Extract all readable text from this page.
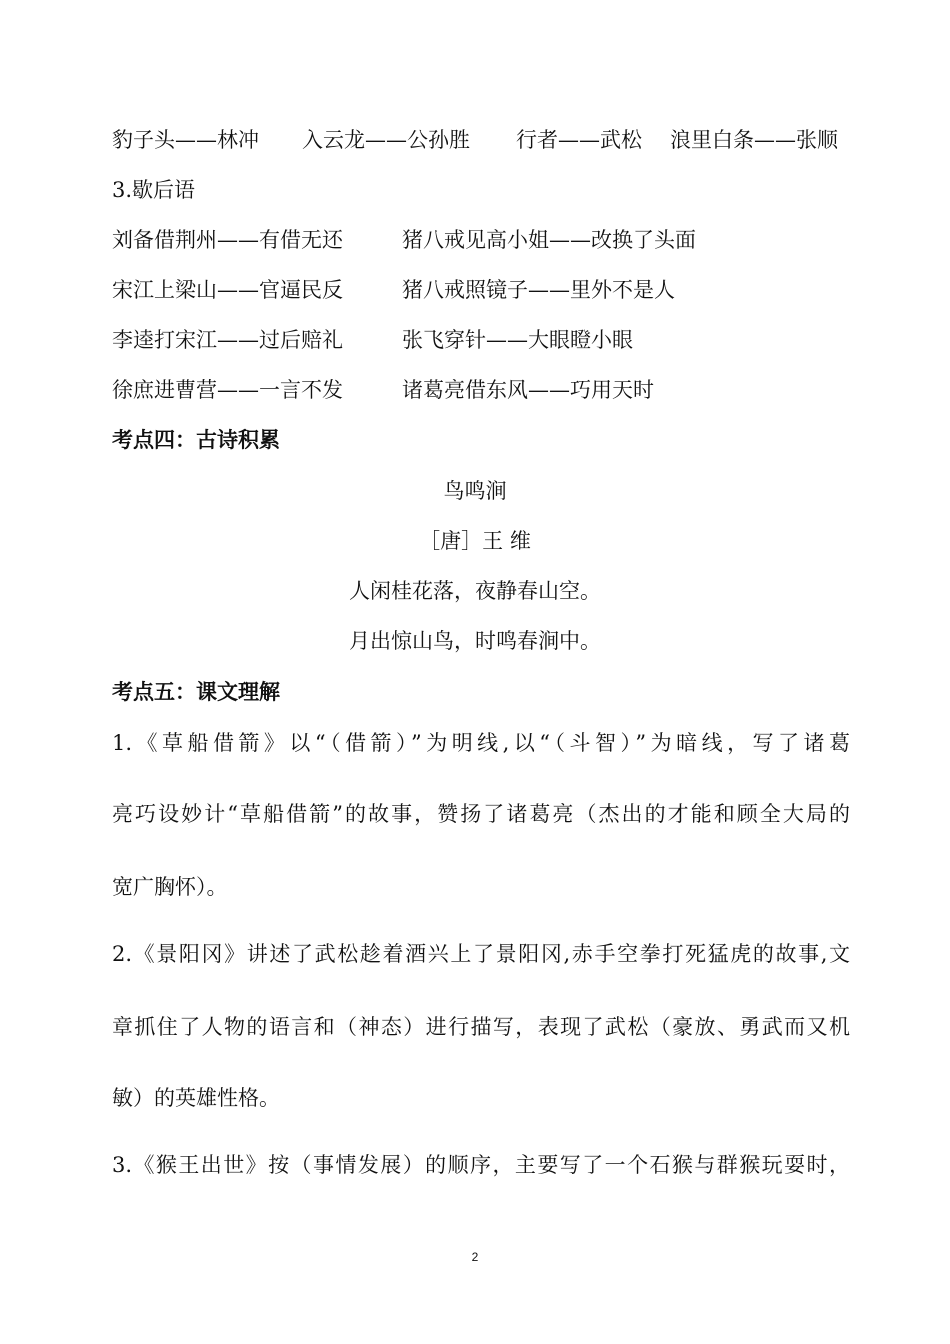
豹子头——林冲 入云龙——公孙胜 行者——武松 浪里白条——张顺
3.歇后语
刘备借荆州——有借无还	猪八戒见高小姐——改换了头面
宋江上梁山——官逼民反	猪八戒照镜子——里外不是人
李逵打宋江——过后赔礼	张飞穿针——大眼瞪小眼
徐庶进曹营——一言不发	诸葛亮借东风——巧用天时
考点四：古诗积累
鸟鸣涧
［唐］王 维
人闲桂花落，夜静春山空。
月出惊山鸟，时鸣春涧中。
考点五：课文理解
1.《草船借箭》以“（借箭）”为明线,以“（斗智）”为暗线，写了诸葛
亮巧设妙计“草船借箭”的故事，赞扬了诸葛亮（杰出的才能和顾全大局的
宽广胸怀）。
2.《景阳冈》讲述了武松趁着酒兴上了景阳冈,赤手空拳打死猛虎的故事,文
章抓住了人物的语言和（神态）进行描写，表现了武松（豪放、勇武而又机
敏）的英雄性格。
3.《猴王出世》按（事情发展）的顺序，主要写了一个石猴与群猴玩耍时，
2
